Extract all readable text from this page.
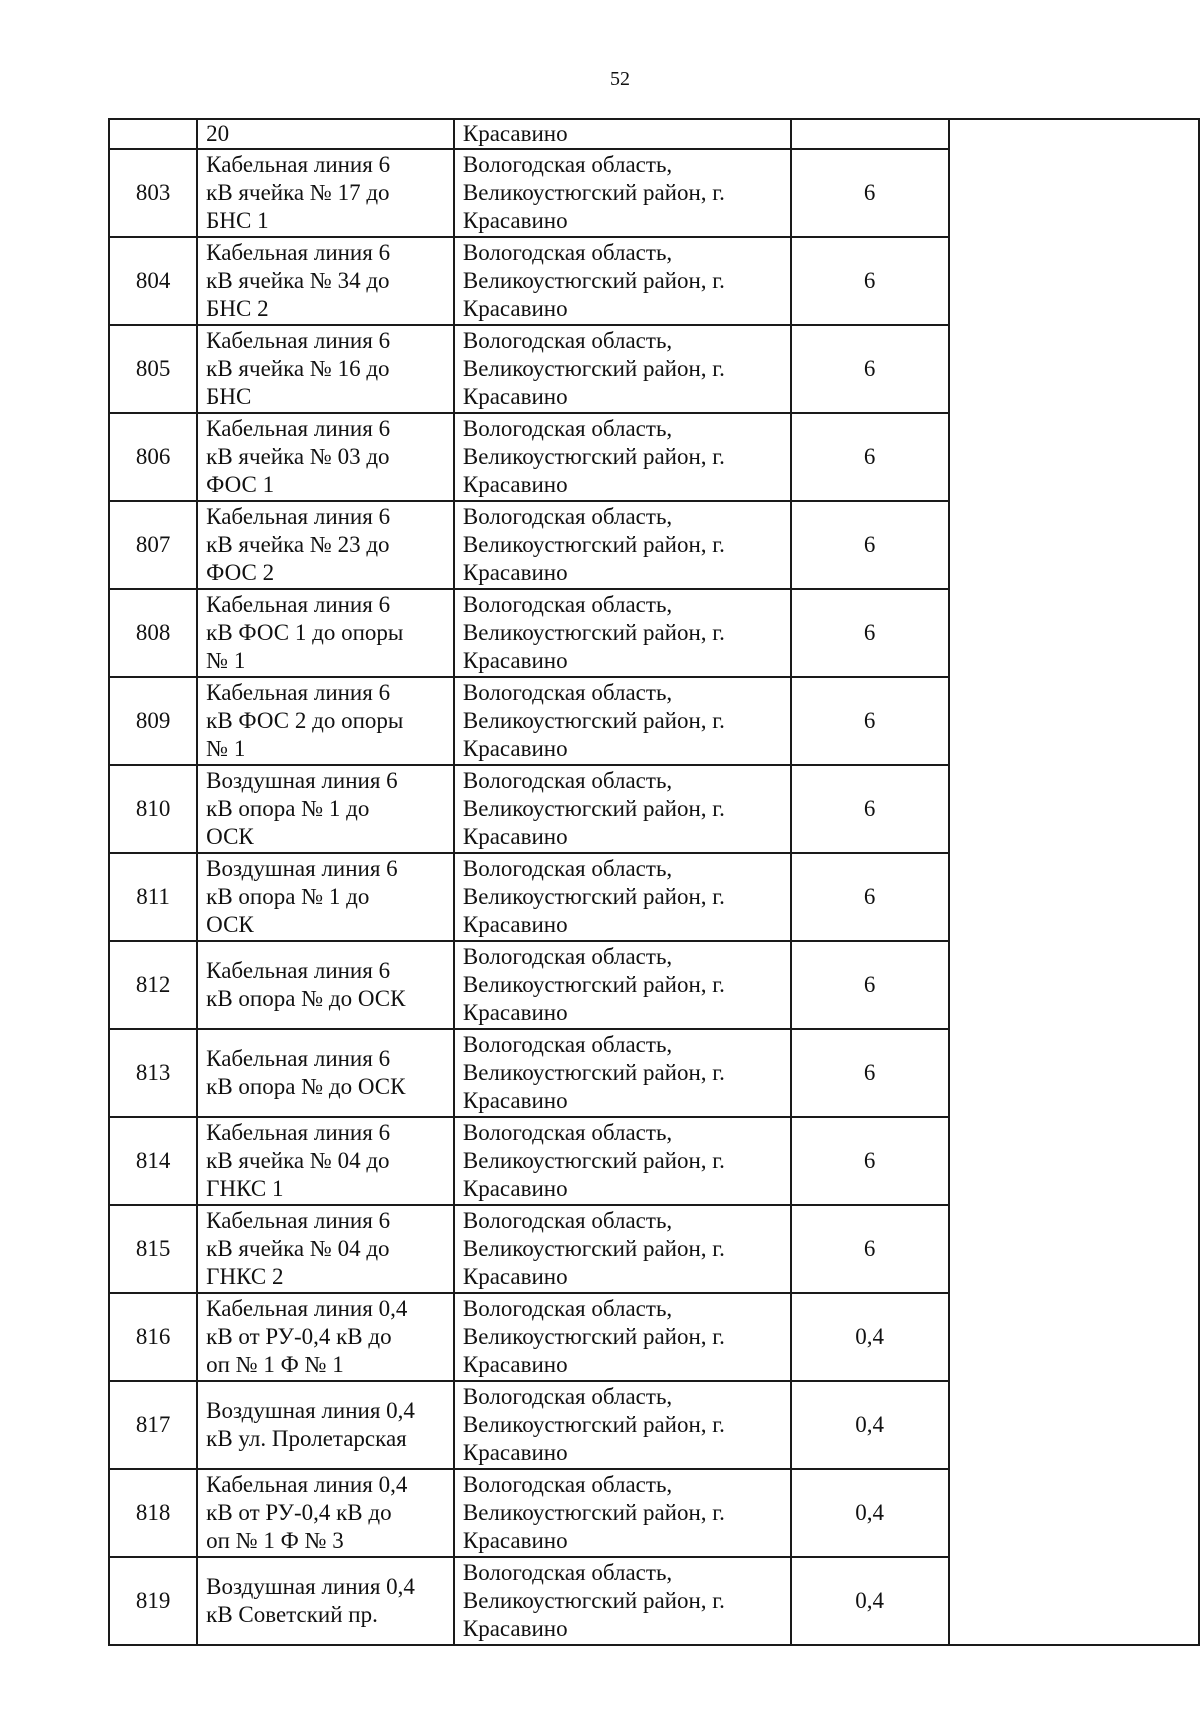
52

	20	Красавино		

803	Кабельная линия 6
кВ ячейка № 17 до
БНС 1	Вологодская область,
Великоустюгский район, г.
Красавино	6	

804	Кабельная линия 6
кВ ячейка № 34 до
БНС 2	Вологодская область,
Великоустюгский район, г.
Красавино	6	

805	Кабельная линия 6
кВ ячейка № 16 до
БНС	Вологодская область,
Великоустюгский район, г.
Красавино	6	

806	Кабельная линия 6
кВ ячейка № 03 до
ФОС 1	Вологодская область,
Великоустюгский район, г.
Красавино	6	

807	Кабельная линия 6
кВ ячейка № 23 до
ФОС 2	Вологодская область,
Великоустюгский район, г.
Красавино	6	

808	Кабельная линия 6
кВ ФОС 1 до опоры
№ 1	Вологодская область,
Великоустюгский район, г.
Красавино	6	

809	Кабельная линия 6
кВ ФОС 2 до опоры
№ 1	Вологодская область,
Великоустюгский район, г.
Красавино	6	

810	Воздушная линия 6
кВ опора № 1 до
ОСК	Вологодская область,
Великоустюгский район, г.
Красавино	6	

811	Воздушная линия 6
кВ опора № 1 до
ОСК	Вологодская область,
Великоустюгский район, г.
Красавино	6	

812	Кабельная линия 6
кВ опора № до ОСК	Вологодская область,
Великоустюгский район, г.
Красавино	6	

813	Кабельная линия 6
кВ опора № до ОСК	Вологодская область,
Великоустюгский район, г.
Красавино	6	

814	Кабельная линия 6
кВ ячейка № 04 до
ГНКС 1	Вологодская область,
Великоустюгский район, г.
Красавино	6	

815	Кабельная линия 6
кВ ячейка № 04 до
ГНКС 2	Вологодская область,
Великоустюгский район, г.
Красавино	6	

816	Кабельная линия 0,4
кВ от РУ-0,4 кВ до
оп № 1 Ф № 1	Вологодская область,
Великоустюгский район, г.
Красавино	0,4	

817	Воздушная линия 0,4
кВ ул. Пролетарская	Вологодская область,
Великоустюгский район, г.
Красавино	0,4	

818	Кабельная линия 0,4
кВ от РУ-0,4 кВ до
оп № 1 Ф № 3	Вологодская область,
Великоустюгский район, г.
Красавино	0,4	

819	Воздушная линия 0,4
кВ Советский пр.	Вологодская область,
Великоустюгский район, г.
Красавино	0,4	
